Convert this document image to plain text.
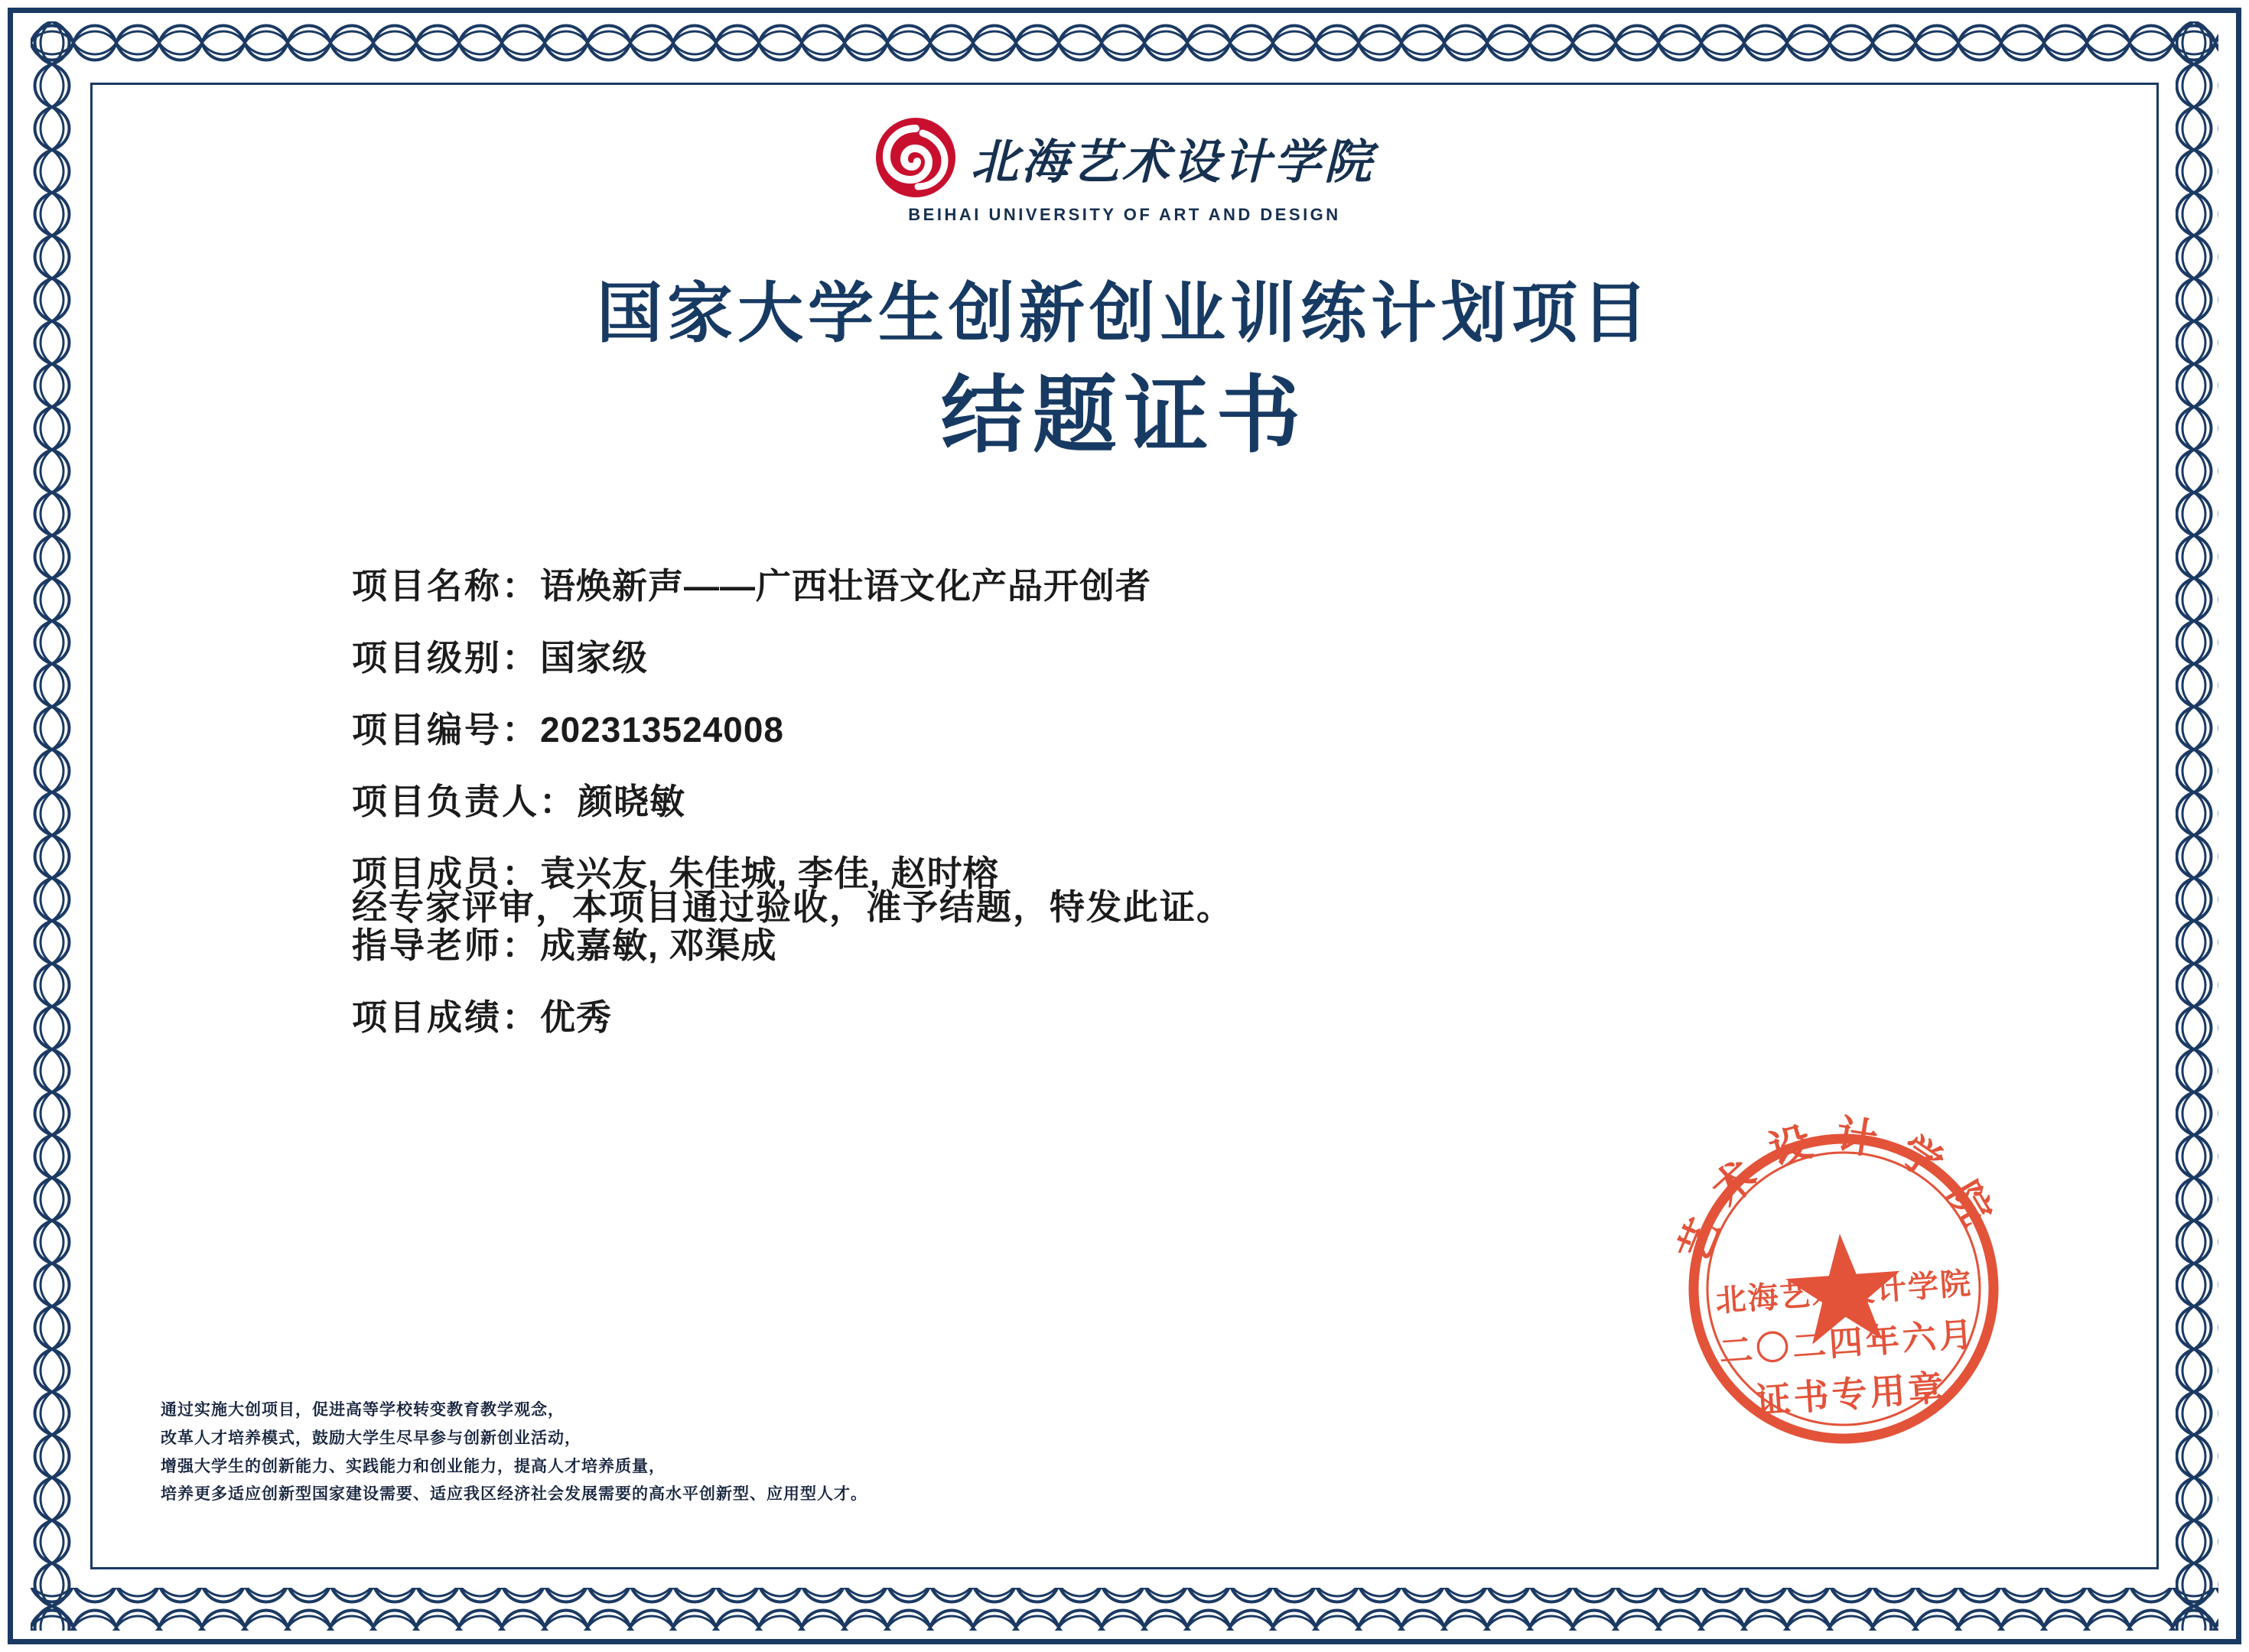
北海艺术设计学院
BEIHAI UNIVERSITY OF ART AND DESIGN
国家大学生创新创业训练计划项目
结题证书
项目名称 ： 语焕新声——广西壮语文化产品开创者
项目级别 ： 国家级
项目编号 ： 202313524008
项目负责人 ： 颜晓敏
项目成员 ： 袁兴友, 朱佳城, 李佳, 赵时榕
指导老师 ： 成嘉敏, 邓渠成
项目成绩 ： 优秀
经专家评审，本项目通过验收，准予结题，特发此证。
通过实施大创项目，促进高等学校转变教育教学观念，
改革人才培养模式，鼓励大学生尽早参与创新创业活动，
增强大学生的创新能力、实践能力和创业能力，提高人才培养质量，
培养更多适应创新型国家建设需要、适应我区经济社会发展需要的高水平创新型、应用型人才。
艺术设计学院
北海艺术设计学院
二〇二四年六月
证书专用章
